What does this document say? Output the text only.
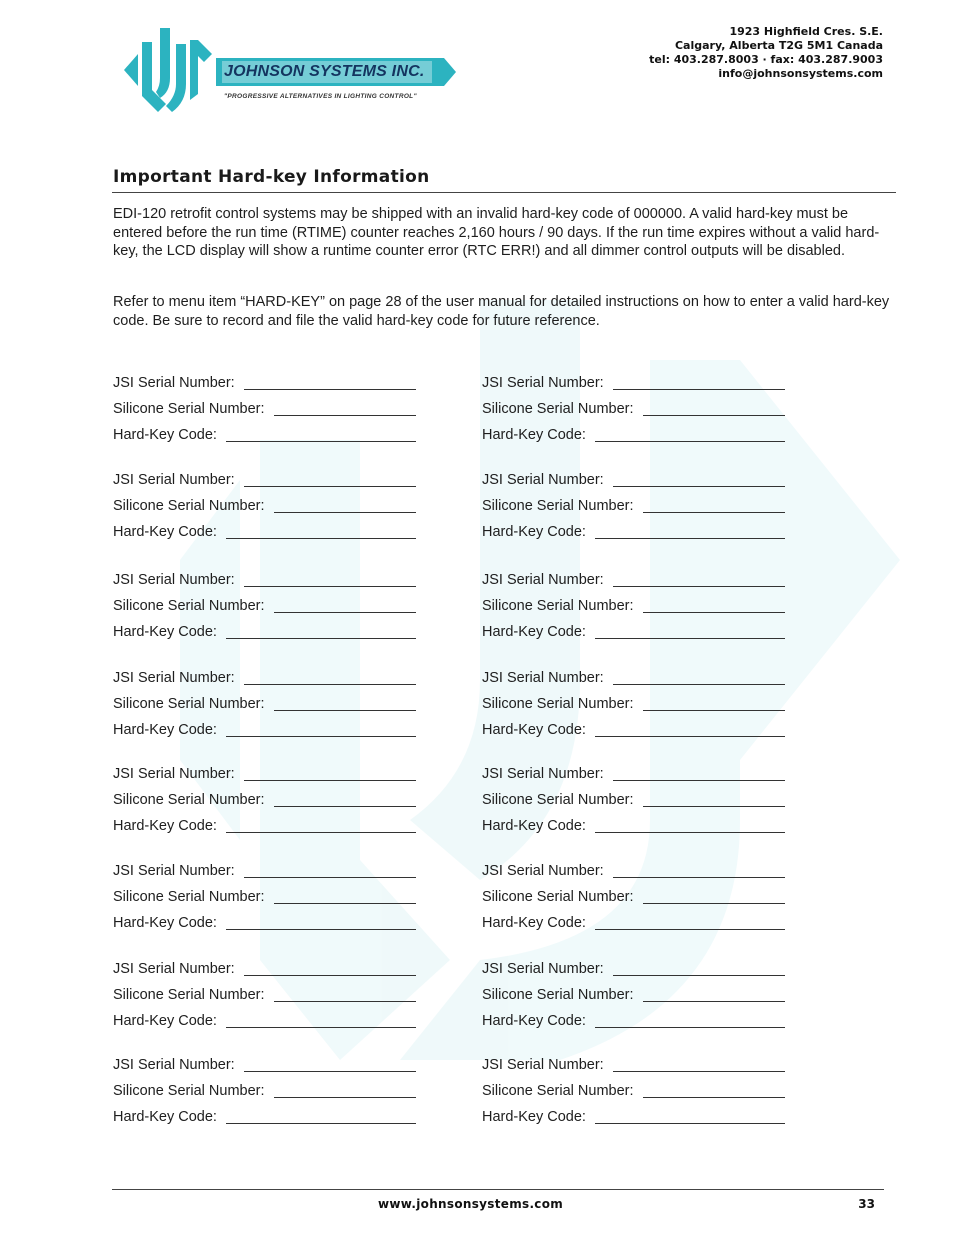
JOHNSON SYSTEMS INC.
"PROGRESSIVE ALTERNATIVES IN LIGHTING CONTROL"
1923 Highfield Cres. S.E.
Calgary, Alberta T2G 5M1 Canada
tel: 403.287.8003 · fax: 403.287.9003
info@johnsonsystems.com
Important Hard-key Information

EDI-120 retrofit control systems may be shipped with an invalid hard-key code of 000000. A valid hard-key must be entered before the run time (RTIME) counter reaches 2,160 hours / 90 days. If the run time expires without a valid hard-key, the LCD display will show a runtime counter error (RTC ERR!) and all dimmer control outputs will be disabled.

Refer to menu item “HARD-KEY” on page 28 of the user manual for detailed instructions on how to enter a valid hard-key code. Be sure to record and file the valid hard-key code for future reference.

JSI Serial Number:
Silicone Serial Number:
Hard-Key Code:
JSI Serial Number:
Silicone Serial Number:
Hard-Key Code:
JSI Serial Number:
Silicone Serial Number:
Hard-Key Code:
JSI Serial Number:
Silicone Serial Number:
Hard-Key Code:
JSI Serial Number:
Silicone Serial Number:
Hard-Key Code:
JSI Serial Number:
Silicone Serial Number:
Hard-Key Code:
JSI Serial Number:
Silicone Serial Number:
Hard-Key Code:
JSI Serial Number:
Silicone Serial Number:
Hard-Key Code:
JSI Serial Number:
Silicone Serial Number:
Hard-Key Code:
JSI Serial Number:
Silicone Serial Number:
Hard-Key Code:
JSI Serial Number:
Silicone Serial Number:
Hard-Key Code:
JSI Serial Number:
Silicone Serial Number:
Hard-Key Code:
JSI Serial Number:
Silicone Serial Number:
Hard-Key Code:
JSI Serial Number:
Silicone Serial Number:
Hard-Key Code:
JSI Serial Number:
Silicone Serial Number:
Hard-Key Code:
JSI Serial Number:
Silicone Serial Number:
Hard-Key Code:
www.johnsonsystems.com	33
